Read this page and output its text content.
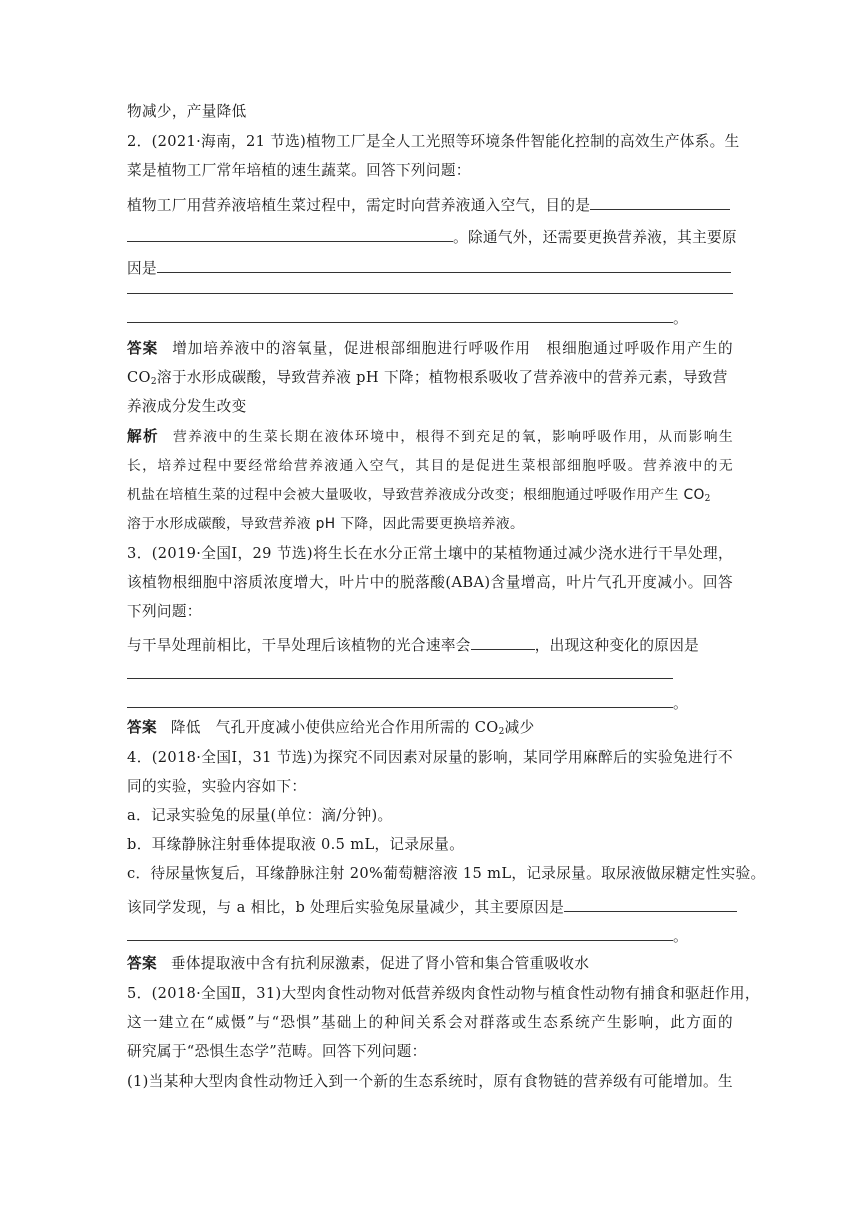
物减少，产量降低
2．(2021·海南，21 节选)植物工厂是全人工光照等环境条件智能化控制的高效生产体系。生
菜是植物工厂常年培植的速生蔬菜。回答下列问题：
植物工厂用营养液培植生菜过程中，需定时向营养液通入空气，目的是
。除通气外，还需要更换营养液，其主要原
因是
。
答案 增加培养液中的溶氧量，促进根部细胞进行呼吸作用　根细胞通过呼吸作用产生的
$CO_2$溶于水形成碳酸，导致营养液 pH 下降；植物根系吸收了营养液中的营养元素，导致营
养液成分发生改变
解析 营养液中的生菜长期在液体环境中，根得不到充足的氧，影响呼吸作用，从而影响生
长，培养过程中要经常给营养液通入空气，其目的是促进生菜根部细胞呼吸。营养液中的无
机盐在培植生菜的过程中会被大量吸收，导致营养液成分改变；根细胞通过呼吸作用产生 $CO_2$
溶于水形成碳酸，导致营养液 pH 下降，因此需要更换培养液。
3．(2019·全国Ⅰ，29 节选)将生长在水分正常土壤中的某植物通过减少浇水进行干旱处理，
该植物根细胞中溶质浓度增大，叶片中的脱落酸(ABA)含量增高，叶片气孔开度减小。回答
下列问题：
与干旱处理前相比，干旱处理后该植物的光合速率会	，出现这种变化的原因是
。
答案 降低　气孔开度减小使供应给光合作用所需的 $CO_2$减少
4．(2018·全国Ⅰ，31 节选)为探究不同因素对尿量的影响，某同学用麻醉后的实验兔进行不
同的实验，实验内容如下：
a．记录实验兔的尿量(单位：滴/分钟)。
b．耳缘静脉注射垂体提取液 0.5 mL，记录尿量。
c．待尿量恢复后，耳缘静脉注射 20%葡萄糖溶液 15 mL，记录尿量。取尿液做尿糖定性实验。
该同学发现，与 a 相比，b 处理后实验兔尿量减少，其主要原因是
。
答案 垂体提取液中含有抗利尿激素，促进了肾小管和集合管重吸收水
5．(2018·全国Ⅱ，31)大型肉食性动物对低营养级肉食性动物与植食性动物有捕食和驱赶作用，
这一建立在“威慑”与“恐惧”基础上的种间关系会对群落或生态系统产生影响，此方面的
研究属于“恐惧生态学”范畴。回答下列问题：
(1)当某种大型肉食性动物迁入到一个新的生态系统时，原有食物链的营养级有可能增加。生
